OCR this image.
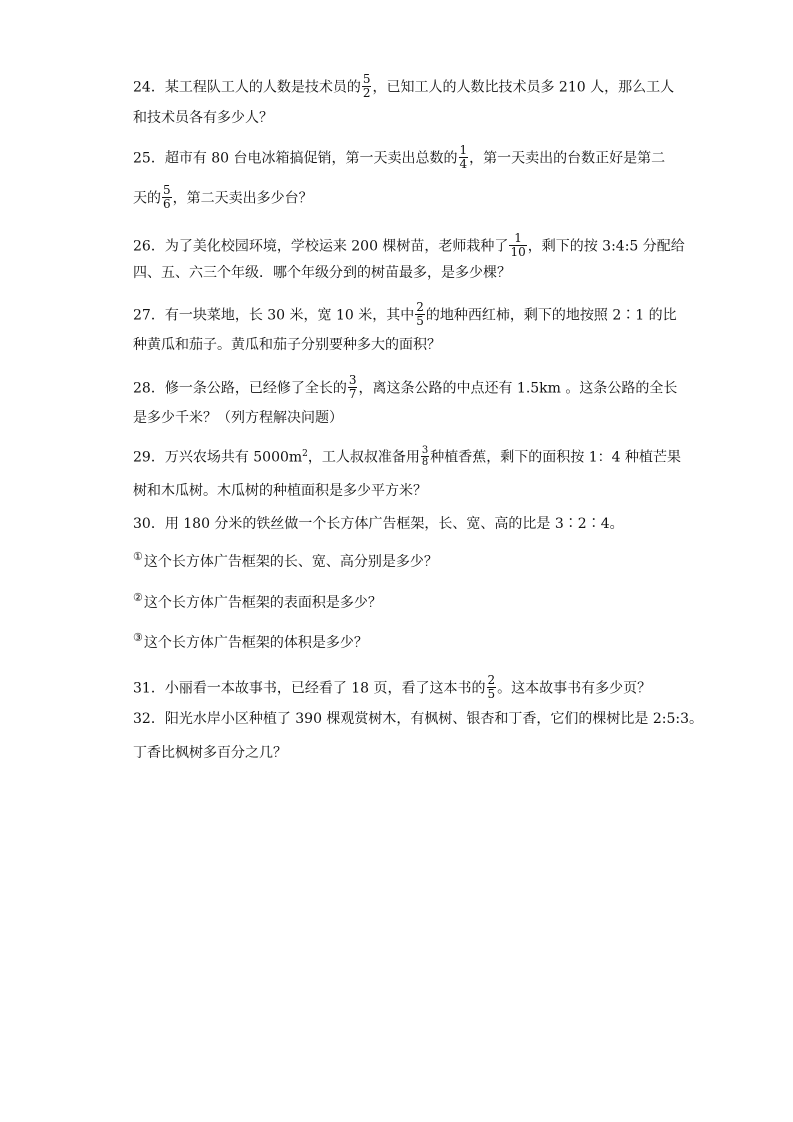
24．某工程队工人的人数是技术员的 $\frac{5}{2}$ ，已知工人的人数比技术员多 210 人，那么工人
和技术员各有多少人？
25．超市有 80 台电冰箱搞促销，第一天卖出总数的 $\frac{1}{4}$ ，第一天卖出的台数正好是第二
天的 $\frac{5}{6}$ ，第二天卖出多少台？
26．为了美化校园环境，学校运来 200 棵树苗，老师栽种了 $\frac{1}{10}$ ，剩下的按 3:4:5 分配给
四、五、六三个年级．哪个年级分到的树苗最多，是多少棵？
27．有一块菜地，长 30 米，宽 10 米，其中 $\frac{2}{5}$ 的地种西红柿，剩下的地按照 2∶1 的比
种黄瓜和茄子。黄瓜和茄子分别要种多大的面积？
28．修一条公路，已经修了全长的 $\frac{3}{7}$ ，离这条公路的中点还有 1.5km 。这条公路的全长
是多少千米？（列方程解决问题）
29．万兴农场共有 $5000m^2$，工人叔叔准备用 $\frac{3}{8}$ 种植香蕉，剩下的面积按 1：4 种植芒果
树和木瓜树。木瓜树的种植面积是多少平方米？
30．用 180 分米的铁丝做一个长方体广告框架，长、宽、高的比是 3∶2∶4。
①这个长方体广告框架的长、宽、高分别是多少？
②这个长方体广告框架的表面积是多少？
③这个长方体广告框架的体积是多少？
31．小丽看一本故事书，已经看了 18 页，看了这本书的 $\frac{2}{5}$ 。这本故事书有多少页？
32．阳光水岸小区种植了 390 棵观赏树木，有枫树、银杏和丁香，它们的棵树比是 2:5:3。
丁香比枫树多百分之几？
